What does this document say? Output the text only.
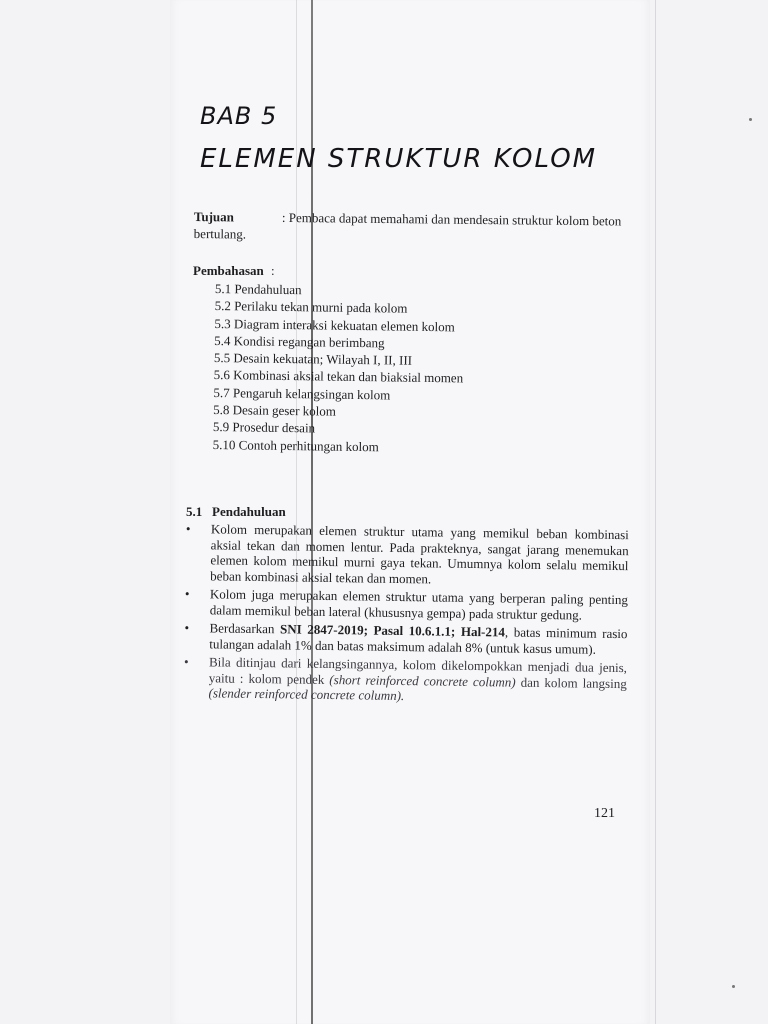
BAB 5
ELEMEN STRUKTUR KOLOM
Tujuan	: Pembaca dapat memahami dan mendesain struktur kolom beton bertulang.
Pembahasan :
5.1 Pendahuluan
5.2 Perilaku tekan murni pada kolom
5.3 Diagram interaksi kekuatan elemen kolom
5.4 Kondisi regangan berimbang
5.5 Desain kekuatan; Wilayah I, II, III
5.6 Kombinasi aksial tekan dan biaksial momen
5.7 Pengaruh kelangsingan kolom
5.8 Desain geser kolom
5.9 Prosedur desain
5.10 Contoh perhitungan kolom
5.1 Pendahuluan
•	Kolom merupakan elemen struktur utama yang memikul beban kombinasi aksial tekan dan momen lentur. Pada prakteknya, sangat jarang menemukan elemen kolom memikul murni gaya tekan. Umumnya kolom selalu memikul beban kombinasi aksial tekan dan momen.
•	Kolom juga merupakan elemen struktur utama yang berperan paling penting dalam memikul beban lateral (khususnya gempa) pada struktur gedung.
•	Berdasarkan SNI 2847-2019; Pasal 10.6.1.1; Hal-214, batas minimum rasio tulangan adalah 1% dan batas maksimum adalah 8% (untuk kasus umum).
•	Bila ditinjau dari kelangsingannya, kolom dikelompokkan menjadi dua jenis, yaitu : kolom pendek (short reinforced concrete column) dan kolom langsing (slender reinforced concrete column).
121
